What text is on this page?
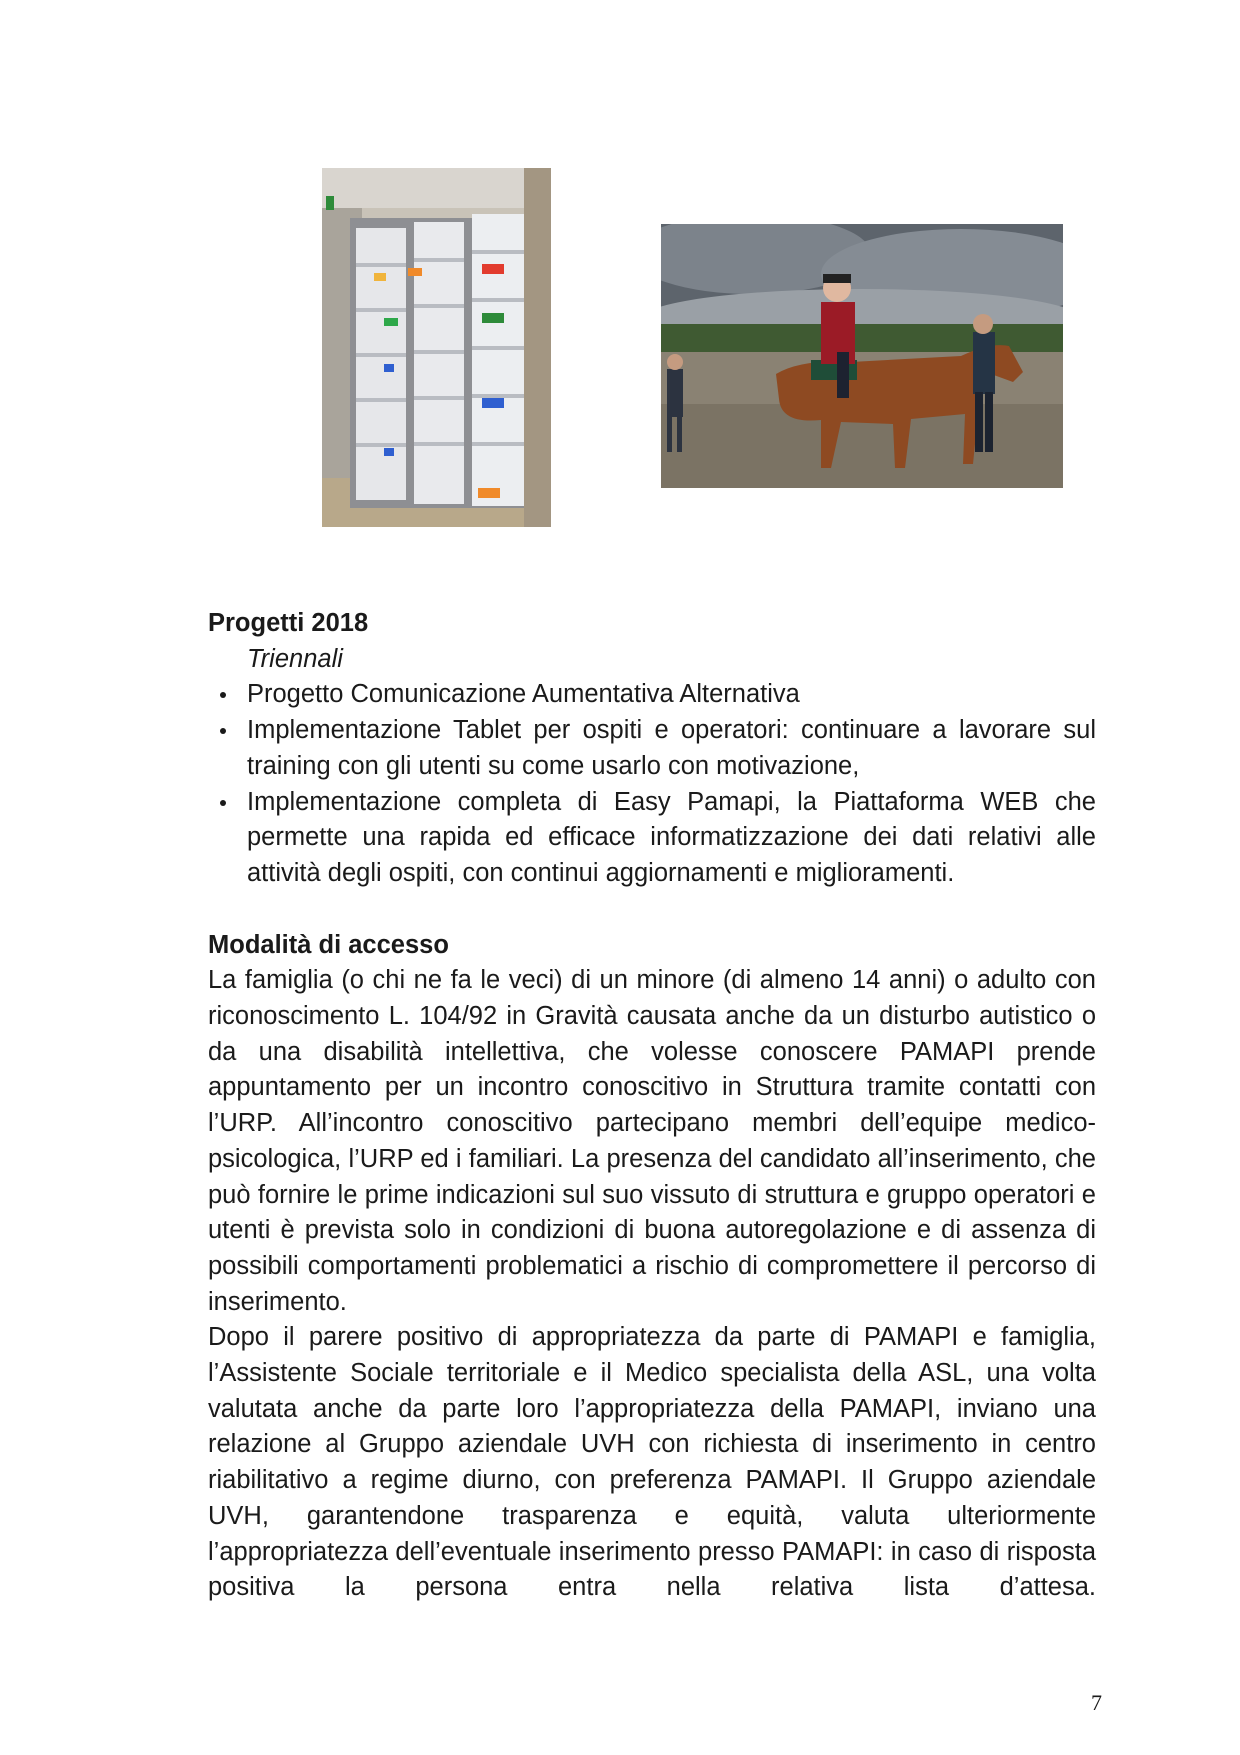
Progetti 2018

Triennali

Progetto Comunicazione Aumentativa Alternativa
Implementazione Tablet per ospiti e operatori: continuare a lavorare sul training con gli utenti su come usarlo con motivazione,
Implementazione completa di Easy Pamapi, la Piattaforma WEB che permette una rapida ed efficace informatizzazione dei dati relativi alle attività degli ospiti, con continui aggiornamenti e miglioramenti.

Modalità di accesso

La famiglia (o chi ne fa le veci) di un minore (di almeno 14 anni) o adulto con riconoscimento L. 104/92 in Gravità causata anche da un disturbo autistico o da una disabilità intellettiva, che volesse conoscere PAMAPI prende appuntamento per un incontro conoscitivo in Struttura tramite contatti con l’URP. All’incontro conoscitivo partecipano membri dell’equipe medico-psicologica, l’URP ed i familiari. La presenza del candidato all’inserimento, che può fornire le prime indicazioni sul suo vissuto di struttura e gruppo operatori e utenti è prevista solo in condizioni di buona autoregolazione e di assenza di possibili comportamenti problematici a rischio di compromettere il percorso di inserimento.

Dopo il parere positivo di appropriatezza da parte di PAMAPI e famiglia, l’Assistente Sociale territoriale e il Medico specialista della ASL, una volta valutata anche da parte loro l’appropriatezza della PAMAPI, inviano una relazione al Gruppo aziendale UVH con richiesta di inserimento in centro riabilitativo a regime diurno, con preferenza PAMAPI. Il Gruppo aziendale UVH, garantendone trasparenza e equità, valuta ulteriormente l’appropriatezza dell’eventuale inserimento presso PAMAPI: in caso di risposta positiva la persona entra nella relativa lista d’attesa.

7
